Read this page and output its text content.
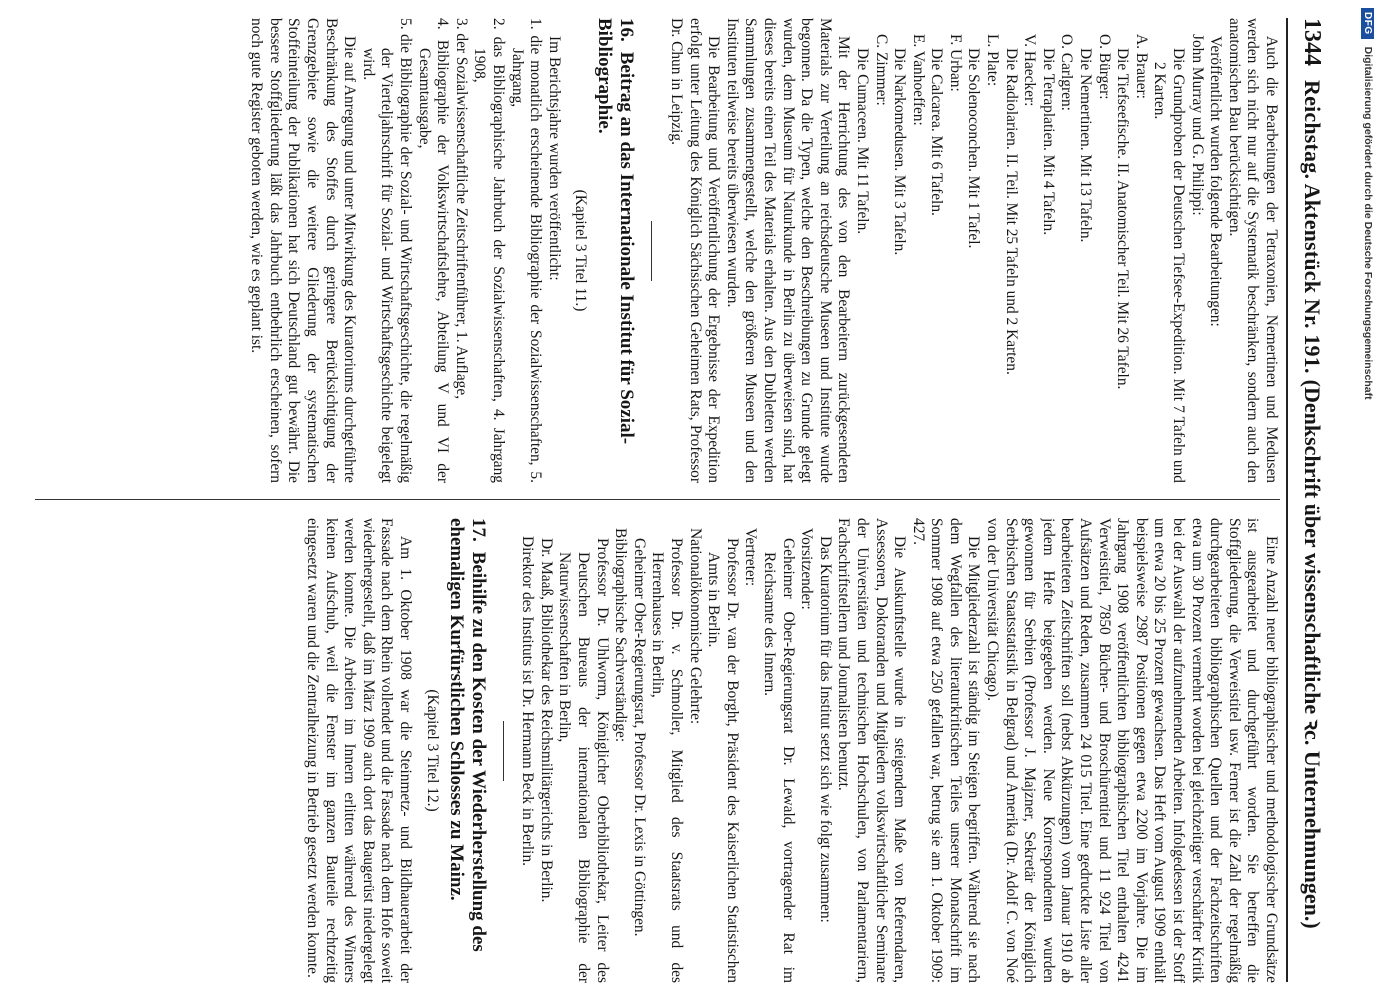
1344
Reichstag. Aktenstück Nr. 191.
(Denkschrift über wissenschaftliche ꝛc. Unternehmungen.)

Auch die Bearbeitungen der Tetraxonien, Nemertinen und Medusen werden sich nicht nur auf die Systematik beschränken, sondern auch den anatomischen Bau berücksichtigen.

Veröffentlicht wurden folgende Bearbeitungen:

John Murray und G. Philippi:

Die Grundproben der Deutschen Tiefsee-Expedition. Mit 7 Tafeln und 2 Karten.

A. Brauer:

Die Tiefseefische. II. Anatomischer Teil. Mit 26 Tafeln.

O. Bürger:

Die Nemertinen. Mit 13 Tafeln.

O. Carlgren:

Die Tetraplatien. Mit 4 Tafeln.

V. Haecker:

Die Radiolarien. II. Teil. Mit 25 Tafeln und 2 Karten.

L. Plate:

Die Solenoconchen. Mit 1 Tafel.

F. Urban:

Die Calcarea. Mit 6 Tafeln.

E. Vanhoeffen:

Die Narkomedusen. Mit 3 Tafeln.

C. Zimmer:

Die Cumaceen. Mit 11 Tafeln.

Mit der Herrichtung des von den Bearbeitern zurückgesendeten Materials zur Verteilung an reichsdeutsche Museen und Institute wurde begonnen. Da die Typen, welche den Beschreibungen zu Grunde gelegt wurden, dem Museum für Naturkunde in Berlin zu überweisen sind, hat dieses bereits einen Teil des Materials erhalten. Aus den Dubletten werden Sammlungen zusammengestellt, welche den größeren Museen und den Instituten teilweise bereits überwiesen wurden.

Die Bearbeitung und Veröffentlichung der Ergebnisse der Expedition erfolgt unter Leitung des Königlich Sächsischen Geheimen Rats, Professor Dr. Chun in Leipzig.

16.Beitrag an das Internationale Institut für Sozial-Bibliographie.

(Kapitel 3 Titel 11.)

Im Berichtsjahre wurden veröffentlicht:

1. die monatlich erscheinende Bibliographie der Sozialwissenschaften, 5. Jahrgang,

2. das Bibliographische Jahrbuch der Sozialwissenschaften, 4. Jahrgang 1908,

3. der Sozialwissenschaftliche Zeitschriftenführer, 1. Auflage,

4. Bibliographie der Volkswirtschaftslehre, Abteilung V und VI der Gesamtausgabe,

5. die Bibliographie der Sozial- und Wirtschaftsgeschichte, die regelmäßig der Vierteljahrschrift für Sozial- und Wirtschaftsgeschichte beigelegt wird.

Die auf Anregung und unter Mitwirkung des Kuratoriums durchgeführte Beschränkung des Stoffes durch geringere Berücksichtigung der Grenzgebiete sowie die weitere Gliederung der systematischen Stoffeinteilung der Publikationen hat sich Deutschland gut bewährt. Die bessere Stoffgliederung läßt das Jahrbuch entbehrlich erscheinen, sofern noch gute Register geboten werden, wie es geplant ist.

Eine Anzahl neuer bibliographischer und methodologischer Grundsätze ist ausgearbeitet und durchgeführt worden. Sie betreffen die Stoffgliederung, die Verweistitel usw. Ferner ist die Zahl der regelmäßig durchgearbeiteten bibliographischen Quellen und der Fachzeitschriften etwa um 30 Prozent vermehrt worden bei gleichzeitiger verschärfter Kritik bei der Auswahl der aufzunehmenden Arbeiten. Infolgedessen ist der Stoff um etwa 20 bis 25 Prozent gewachsen. Das Heft vom August 1909 enthält beispielsweise 2987 Positionen gegen etwa 2200 im Vorjahre. Die im Jahrgang 1908 veröffentlichten bibliographischen Titel enthalten 4241 Verweistitel, 7850 Bücher- und Broschürentitel und 11 924 Titel von Aufsätzen und Reden, zusammen 24 015 Titel. Eine gedruckte Liste aller bearbeiteten Zeitschriften soll (nebst Abkürzungen) vom Januar 1910 ab jedem Hefte beigegeben werden. Neue Korrespondenten wurden gewonnen für Serbien (Professor J. Majzner, Sekretär der Königlich Serbischen Staatsstatistik in Belgrad) und Amerika (Dr. Adolf C. von Noé von der Universität Chicago).

Die Mitgliederzahl ist ständig im Steigen begriffen. Während sie nach dem Wegfallen des literaturkritischen Teiles unserer Monatschrift im Sommer 1908 auf etwa 250 gefallen war, betrug sie am 1. Oktober 1909: 427.

Die Auskunftstelle wurde in steigendem Maße von Referendaren, Assessoren, Doktoranden und Mitgliedern volkswirtschaftlicher Seminare der Universitäten und technischen Hochschulen, von Parlamentariern, Fachschriftstellern und Journalisten benutzt.

Das Kuratorium für das Institut setzt sich wie folgt zusammen:

Vorsitzender:

Geheimer Ober-Regierungsrat Dr. Lewald, vortragender Rat im Reichsamte des Innern.

Vertreter:

Professor Dr. van der Borght, Präsident des Kaiserlichen Statistischen Amts in Berlin.

Nationalökonomische Gelehrte:

Professor Dr. v. Schmoller, Mitglied des Staatsrats und des Herrenhauses in Berlin,

Geheimer Ober-Regierungsrat, Professor Dr. Lexis in Göttingen.

Bibliographische Sachverständige:

Professor Dr. Uhlworm, Königlicher Oberbibliothekar, Leiter des Deutschen Bureaus der internationalen Bibliographie der Naturwissenschaften in Berlin,

Dr. Maaß, Bibliothekar des Reichsmilitärgerichts in Berlin.

Direktor des Instituts ist Dr. Hermann Beck in Berlin.

17.Beihilfe zu den Kosten der Wiederherstellung des ehemaligen Kurfürstlichen Schlosses zu Mainz.

(Kapitel 3 Titel 12.)

Am 1. Oktober 1908 war die Steinmetz- und Bildhauerarbeit der Fassade nach dem Rhein vollendet und die Fassade nach dem Hofe soweit wiederhergestellt, daß im März 1909 auch dort das Baugerüst niedergelegt werden konnte. Die Arbeiten im Innern erlitten während des Winters keinen Aufschub, weil die Fenster im ganzen Bauteile rechtzeitig eingesetzt waren und die Zentralheizung in Betrieb gesetzt werden konnte.

DFG
Digitalisierung gefördert durch die Deutsche Forschungsgemeinschaft
